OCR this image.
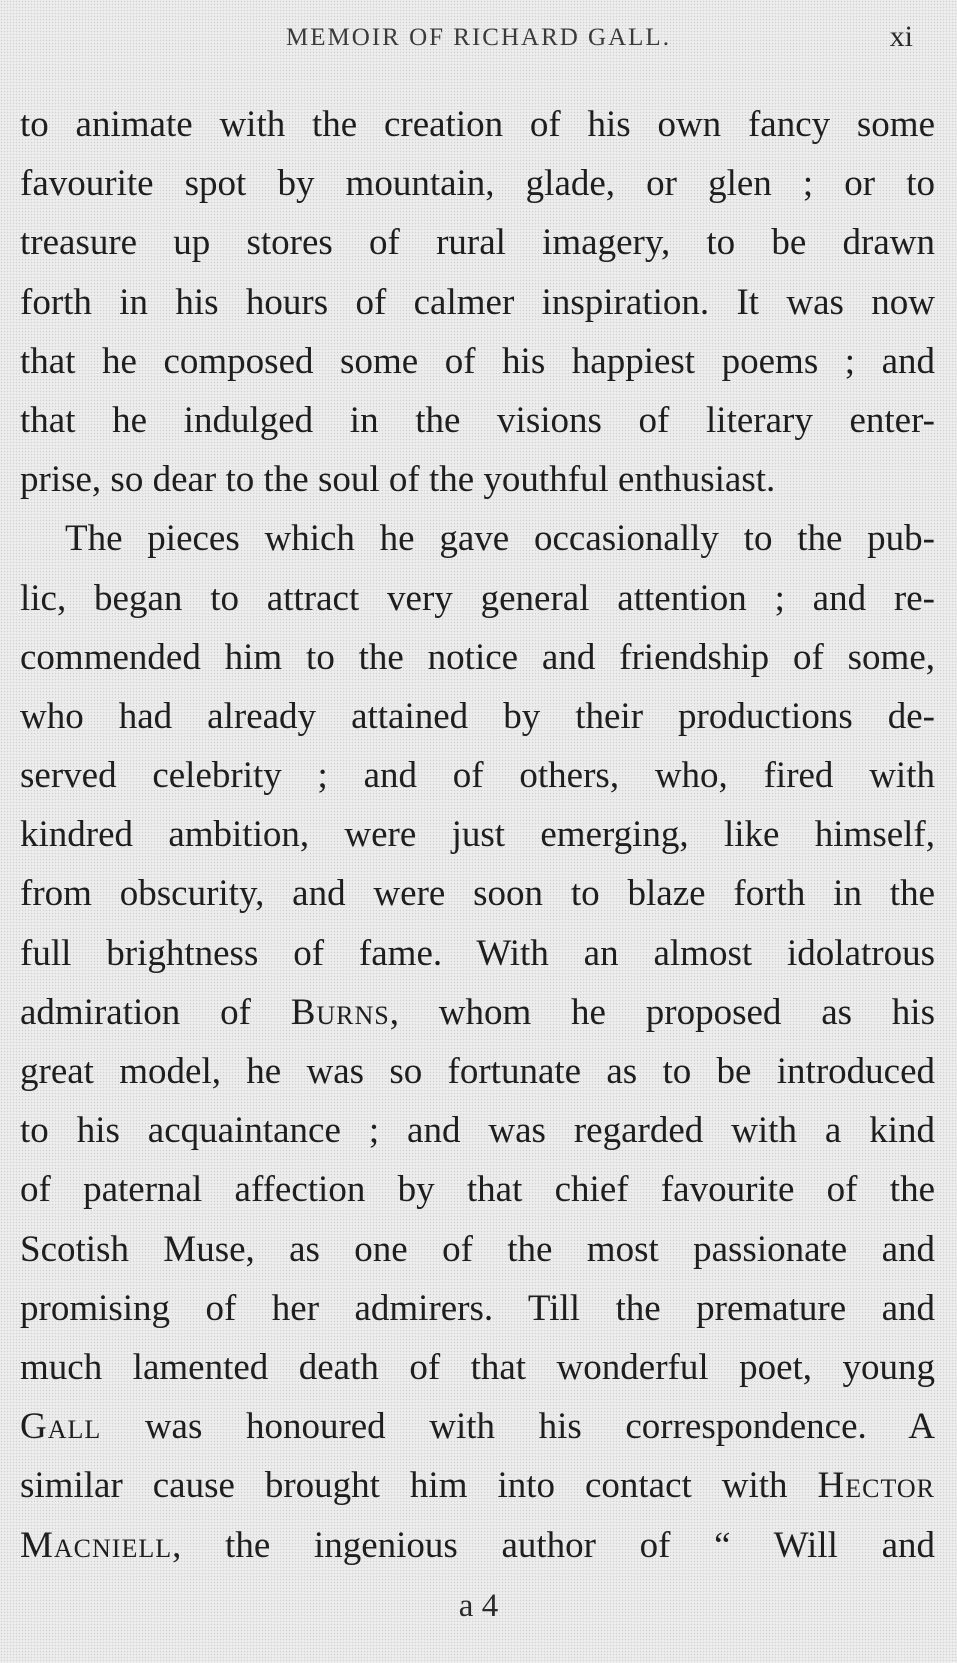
MEMOIR OF RICHARD GALL.	xi
to animate with the creation of his own fancy some
favourite spot by mountain, glade, or glen ; or to
treasure up stores of rural imagery, to be drawn
forth in his hours of calmer inspiration. It was now
that he composed some of his happiest poems ; and
that he indulged in the visions of literary enter-
prise, so dear to the soul of the youthful enthusiast.
The pieces which he gave occasionally to the pub-
lic, began to attract very general attention ; and re-
commended him to the notice and friendship of some,
who had already attained by their productions de-
served celebrity ; and of others, who, fired with
kindred ambition, were just emerging, like himself,
from obscurity, and were soon to blaze forth in the
full brightness of fame. With an almost idolatrous
admiration of Burns, whom he proposed as his
great model, he was so fortunate as to be introduced
to his acquaintance ; and was regarded with a kind
of paternal affection by that chief favourite of the
Scotish Muse, as one of the most passionate and
promising of her admirers. Till the premature and
much lamented death of that wonderful poet, young
Gall was honoured with his correspondence. A
similar cause brought him into contact with Hector
Macniell, the ingenious author of “ Will and
a 4
